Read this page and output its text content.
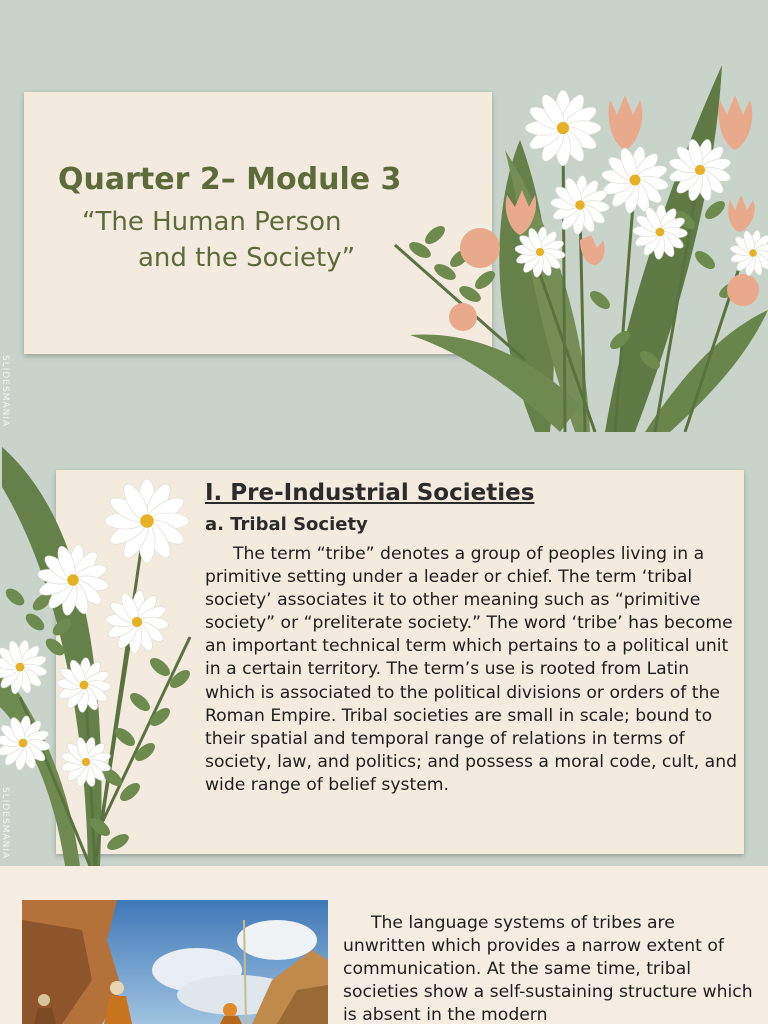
Quarter 2– Module 3
“The Human Person
and the Society”
SLIDESMANIA
SLIDESMANIA
I. Pre-Industrial Societies
a. Tribal Society

The term “tribe” denotes a group of peoples living in a primitive setting under a leader or chief. The term ‘tribal society’ associates it to other meaning such as “primitive society” or “preliterate society.” The word ‘tribe’ has become an important technical term which pertains to a political unit in a certain territory. The term’s use is rooted from Latin which is associated to the political divisions or orders of the Roman Empire. Tribal societies are small in scale; bound to their spatial and temporal range of relations in terms of society, law, and politics; and possess a moral code, cult, and wide range of belief system.

The language systems of tribes are unwritten which provides a narrow extent of communication. At the same time, tribal societies show a self-sustaining structure which is absent in the modern
